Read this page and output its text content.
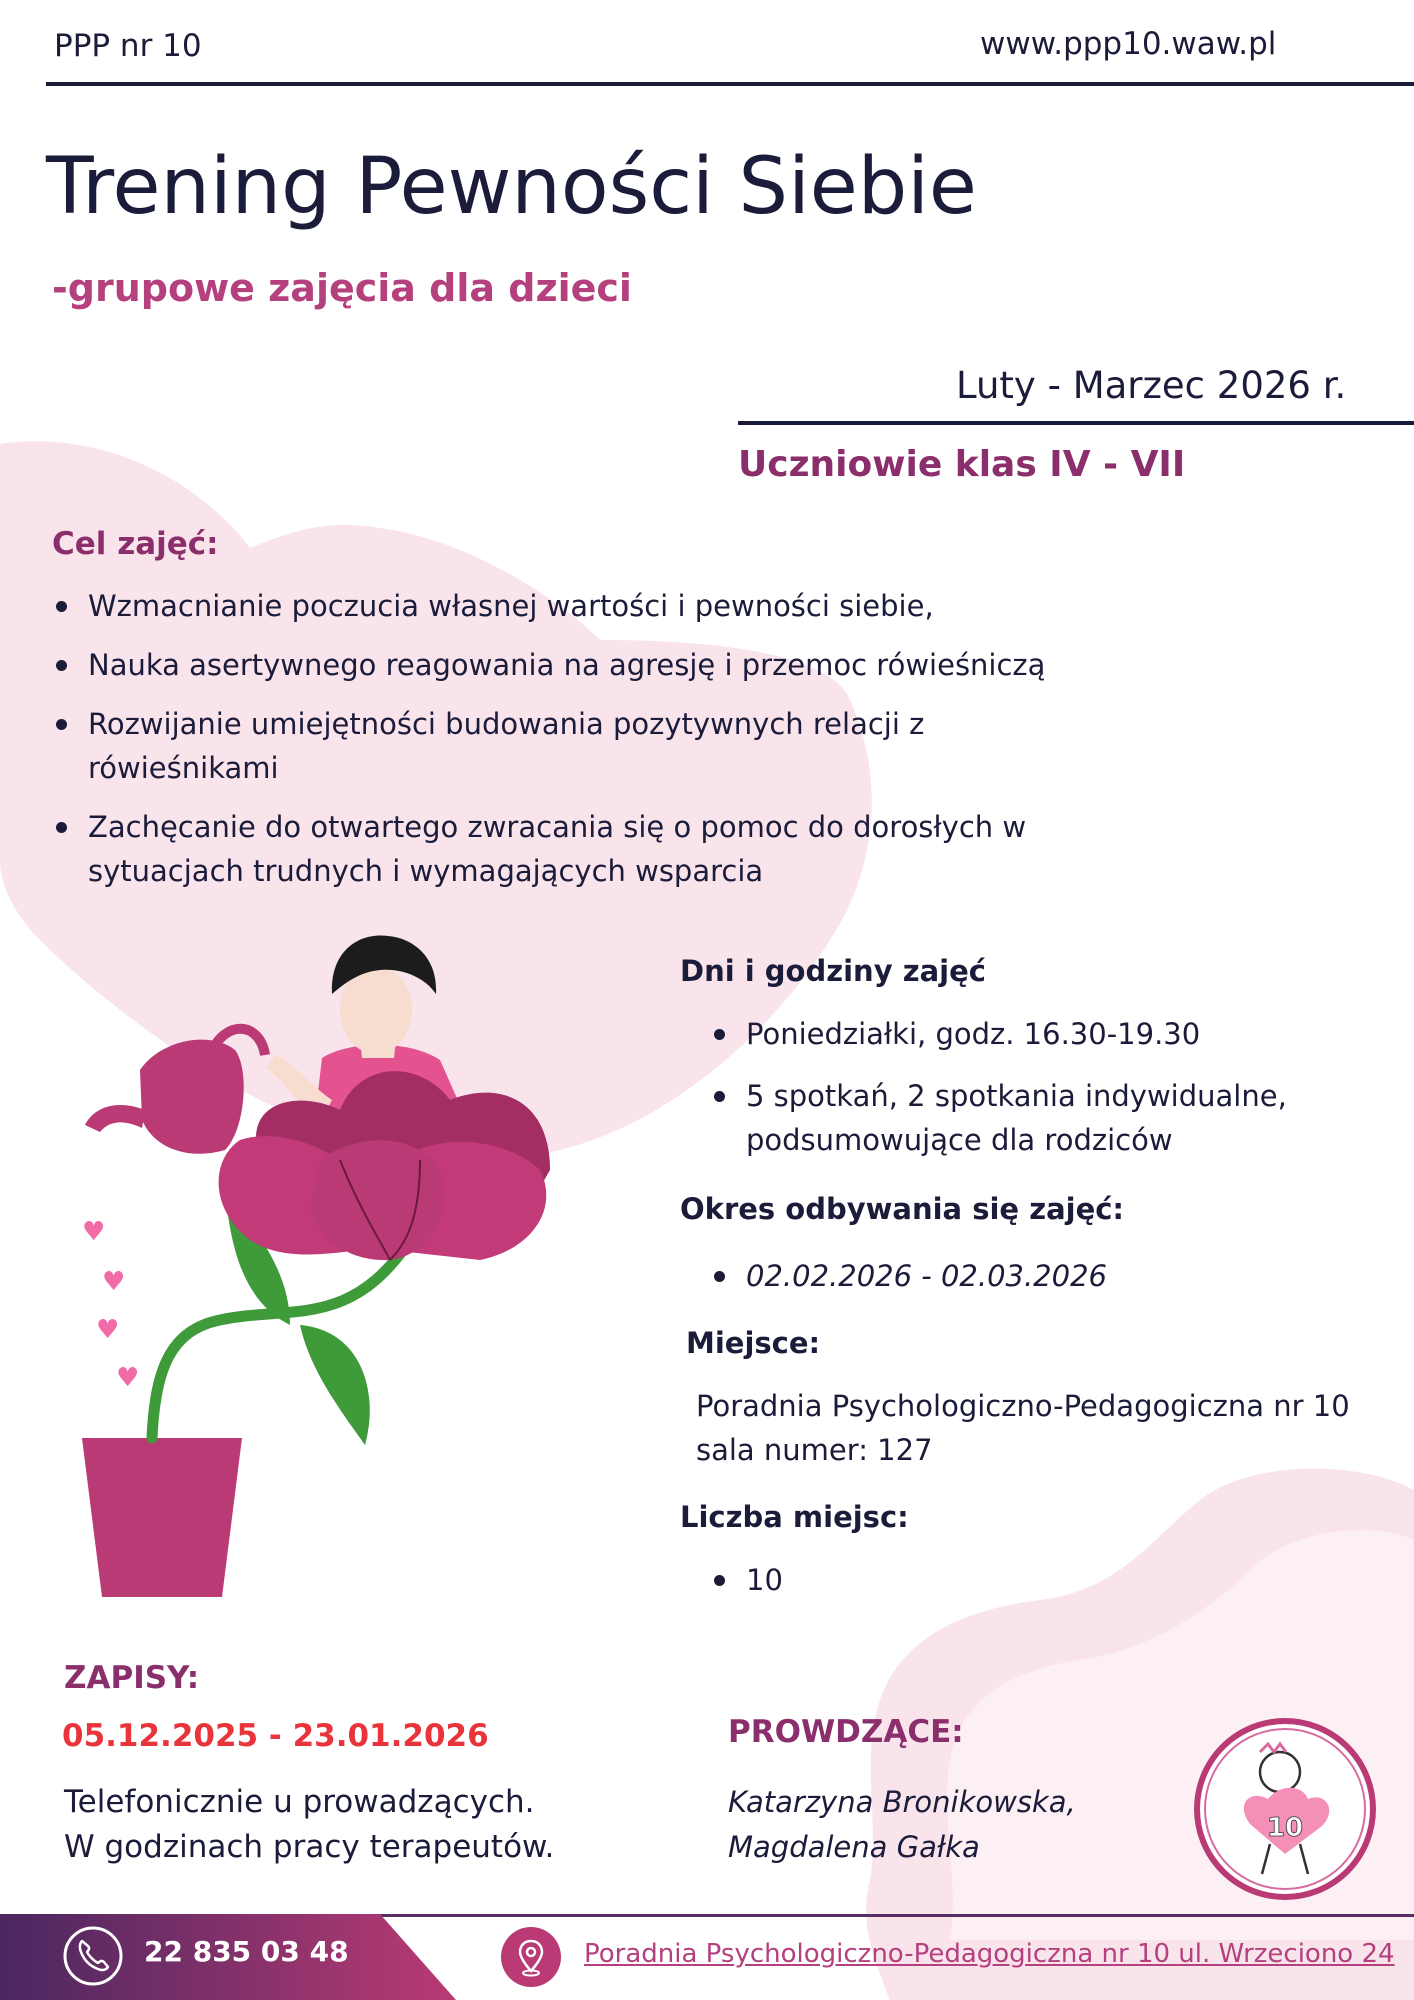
PPP nr 10	www.ppp10.waw.pl
Trening Pewności Siebie
-grupowe zajęcia dla dzieci
Luty - Marzec 2026 r.
Uczniowie klas IV - VII
Cel zajęć:
Wzmacnianie poczucia własnej wartości i pewności siebie,
Nauka asertywnego reagowania na agresję i przemoc rówieśniczą
Rozwijanie umiejętności budowania pozytywnych relacji z rówieśnikami
Zachęcanie do otwartego zwracania się o pomoc do dorosłych w sytuacjach trudnych i wymagających wsparcia
♥
♥
♥
♥
Dni i godziny zajęć
Poniedziałki, godz. 16.30-19.30
5 spotkań, 2 spotkania indywidualne, podsumowujące dla rodziców
Okres odbywania się zajęć:
02.02.2026 - 02.03.2026
Miejsce:
Poradnia Psychologiczno-Pedagogiczna nr 10
sala numer: 127
Liczba miejsc:
10
ZAPISY:
05.12.2025 - 23.01.2026
Telefonicznie u prowadzących.
W godzinach pracy terapeutów.
PROWDZĄCE:
Katarzyna Bronikowska,
Magdalena Gałka
10
22 835 03 48	Poradnia Psychologiczno-Pedagogiczna nr 10 ul. Wrzeciono 24
